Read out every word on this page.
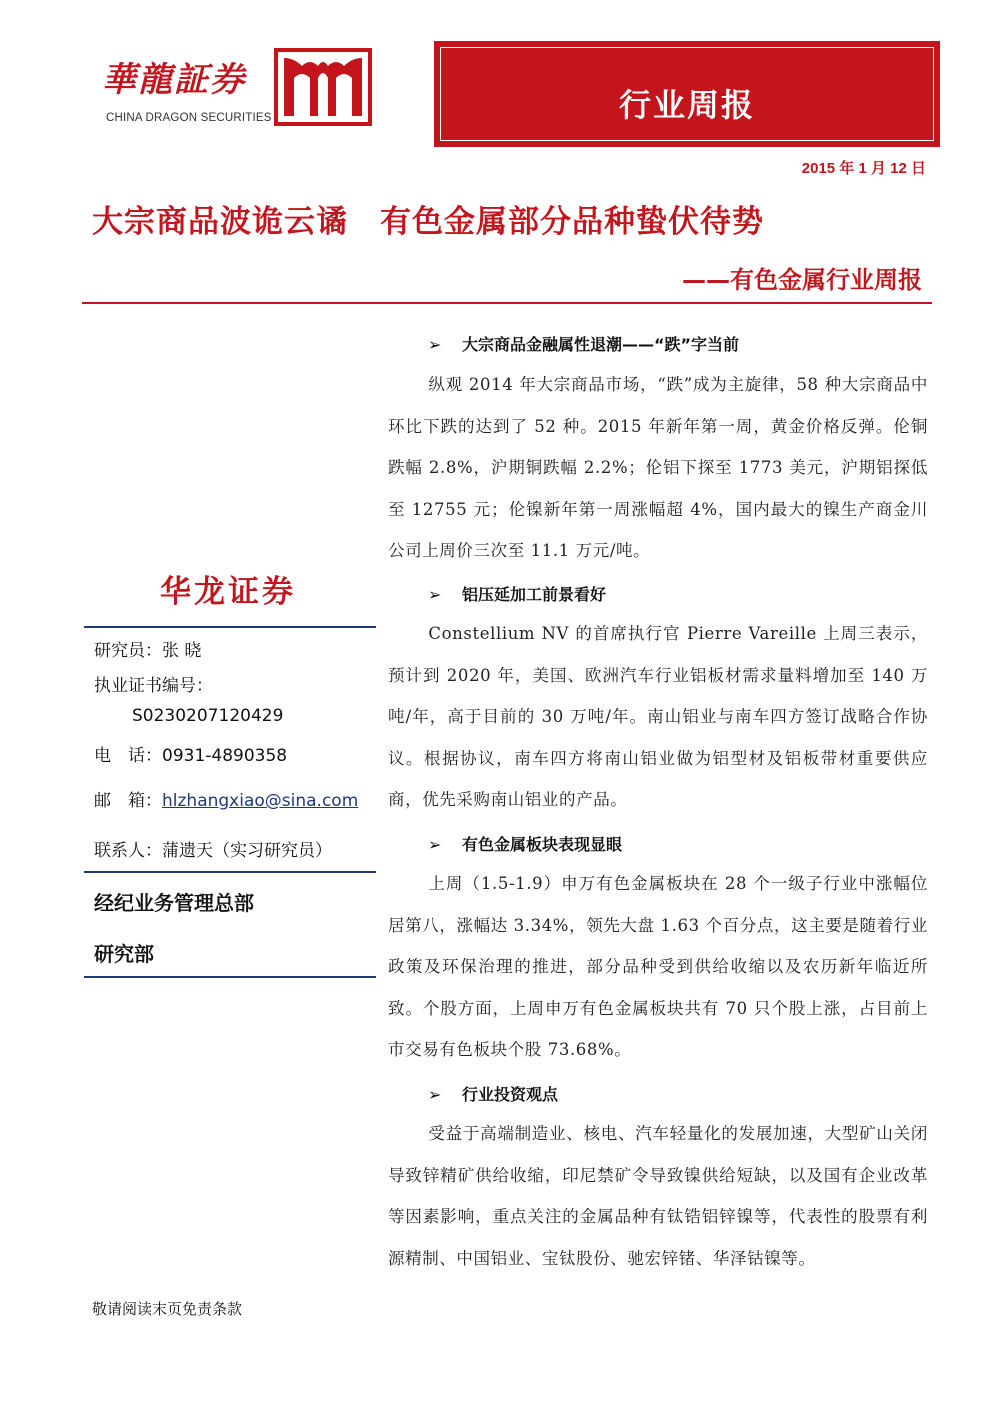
華龍証券
CHINA DRAGON SECURITIES	行业周报
2015 年 1 月 12 日
大宗商品波诡云谲　有色金属部分品种蛰伏待势
——有色金属行业周报
华龙证券
研究员：张 晓
执业证书编号：
S0230207120429
电　话：0931-4890358
邮　箱：hlzhangxiao@sina.com
联系人：蒲遗天（实习研究员）
经纪业务管理总部
研究部
敬请阅读末页免责条款
➢ 大宗商品金融属性退潮——“跌”字当前
纵观 2014 年大宗商品市场，“跌”成为主旋律，58 种大宗商品中环比下跌的达到了 52 种。2015 年新年第一周，黄金价格反弹。伦铜跌幅 2.8%，沪期铜跌幅 2.2%；伦铝下探至 1773 美元，沪期铝探低至 12755 元；伦镍新年第一周涨幅超 4%，国内最大的镍生产商金川公司上周价三次至 11.1 万元/吨。
➢ 铝压延加工前景看好
Constellium NV 的首席执行官 Pierre Vareille 上周三表示，预计到 2020 年，美国、欧洲汽车行业铝板材需求量料增加至 140 万吨/年，高于目前的 30 万吨/年。南山铝业与南车四方签订战略合作协议。根据协议，南车四方将南山铝业做为铝型材及铝板带材重要供应商，优先采购南山铝业的产品。
➢ 有色金属板块表现显眼
上周（1.5-1.9）申万有色金属板块在 28 个一级子行业中涨幅位居第八，涨幅达 3.34%，领先大盘 1.63 个百分点，这主要是随着行业政策及环保治理的推进，部分品种受到供给收缩以及农历新年临近所致。个股方面，上周申万有色金属板块共有 70 只个股上涨，占目前上市交易有色板块个股 73.68%。
➢ 行业投资观点
受益于高端制造业、核电、汽车轻量化的发展加速，大型矿山关闭导致锌精矿供给收缩，印尼禁矿令导致镍供给短缺，以及国有企业改革等因素影响，重点关注的金属品种有钛锆铝锌镍等，代表性的股票有利源精制、中国铝业、宝钛股份、驰宏锌锗、华泽钴镍等。
